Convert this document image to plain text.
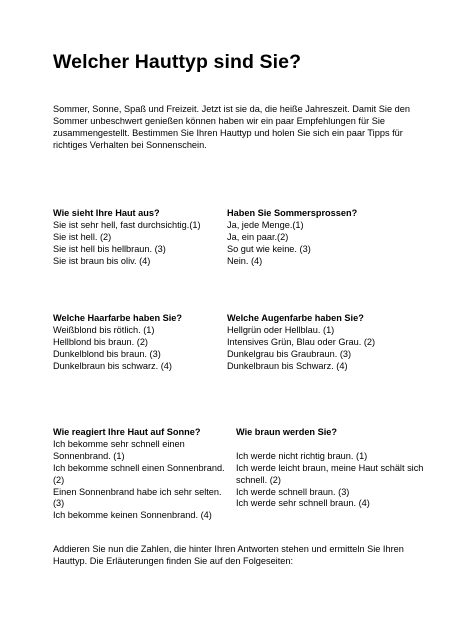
Welcher Hauttyp sind Sie?
Sommer, Sonne, Spaß und Freizeit. Jetzt ist sie da, die heiße Jahreszeit. Damit Sie den Sommer unbeschwert genießen können haben wir ein paar Empfehlungen für Sie zusammengestellt. Bestimmen Sie Ihren Hauttyp und holen Sie sich ein paar Tipps für richtiges Verhalten bei Sonnenschein.
Wie sieht Ihre Haut aus?
Sie ist sehr hell, fast durchsichtig.(1)
Sie ist hell. (2)
Sie ist hell bis hellbraun. (3)
Sie ist braun bis oliv. (4)
Haben Sie Sommersprossen?
Ja, jede Menge.(1)
Ja, ein paar.(2)
So gut wie keine. (3)
Nein. (4)
Welche Haarfarbe haben Sie?
Weißblond bis rötlich. (1)
Hellblond bis braun. (2)
Dunkelblond bis braun. (3)
Dunkelbraun bis schwarz. (4)
Welche Augenfarbe haben Sie?
Hellgrün oder Hellblau. (1)
Intensives Grün, Blau oder Grau. (2)
Dunkelgrau bis Graubraun. (3)
Dunkelbraun bis Schwarz. (4)
Wie reagiert Ihre Haut auf Sonne?
Ich bekomme sehr schnell einen Sonnenbrand. (1)
Ich bekomme schnell einen Sonnenbrand. (2)
Einen Sonnenbrand habe ich sehr selten. (3)
Ich bekomme keinen Sonnenbrand. (4)
Wie braun werden Sie?
Ich werde nicht richtig braun. (1)
Ich werde leicht braun, meine Haut schält sich schnell. (2)
Ich werde schnell braun. (3)
Ich werde sehr schnell braun. (4)
Addieren Sie nun die Zahlen, die hinter Ihren Antworten stehen und ermitteln Sie Ihren Hauttyp. Die Erläuterungen finden Sie auf den Folgeseiten:
